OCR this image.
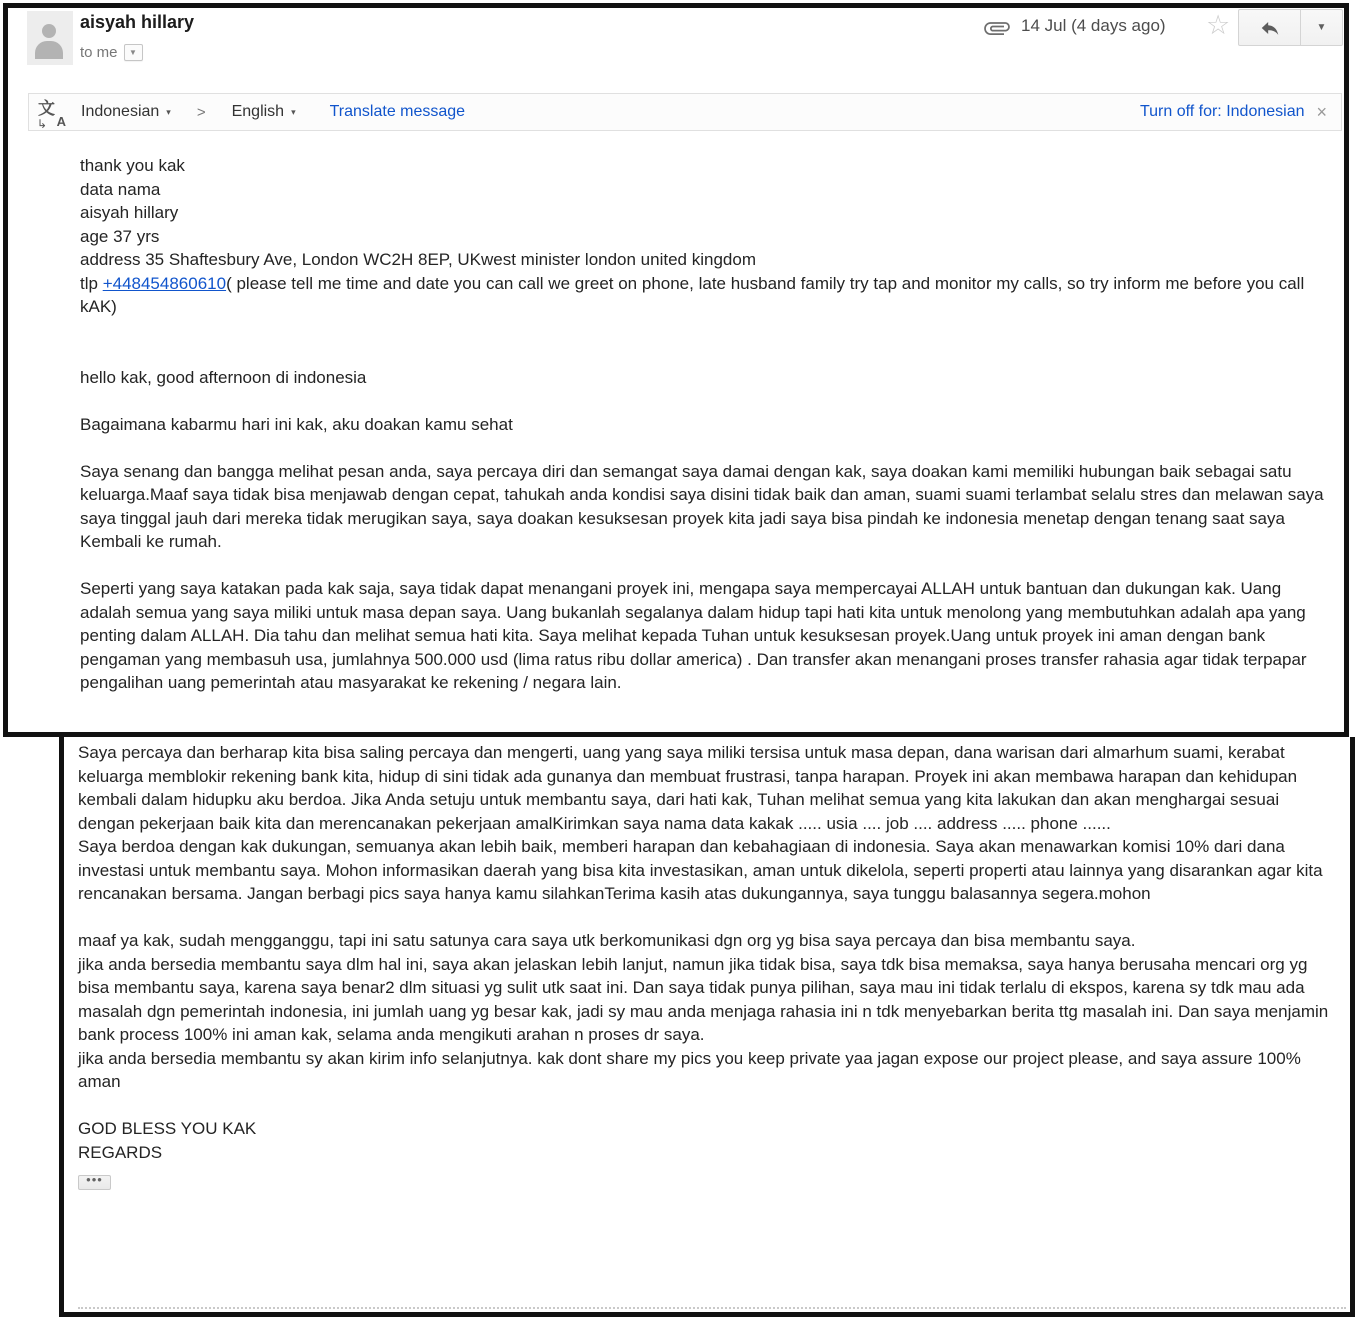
aisyah hillary
to me ▼
14 Jul (4 days ago) ☆	▼
文
↳ A
Indonesian ▾ > English ▾ Translate message	Turn off for: Indonesian ×
thank you kak
data nama
aisyah hillary
age 37 yrs
address 35 Shaftesbury Ave, London WC2H 8EP, UKwest minister london united kingdom
tlp +448454860610( please tell me time and date you can call we greet on phone, late husband family try tap and monitor my calls, so try inform me before you call kAK)

hello kak, good afternoon di indonesia

Bagaimana kabarmu hari ini kak, aku doakan kamu sehat

Saya senang dan bangga melihat pesan anda, saya percaya diri dan semangat saya damai dengan kak, saya doakan kami memiliki hubungan baik sebagai satu keluarga.Maaf saya tidak bisa menjawab dengan cepat, tahukah anda kondisi saya disini tidak baik dan aman, suami suami terlambat selalu stres dan melawan saya saya tinggal jauh dari mereka tidak merugikan saya, saya doakan kesuksesan proyek kita jadi saya bisa pindah ke indonesia menetap dengan tenang saat saya Kembali ke rumah.

Seperti yang saya katakan pada kak saja, saya tidak dapat menangani proyek ini, mengapa saya mempercayai ALLAH untuk bantuan dan dukungan kak. Uang adalah semua yang saya miliki untuk masa depan saya. Uang bukanlah segalanya dalam hidup tapi hati kita untuk menolong yang membutuhkan adalah apa yang penting dalam ALLAH. Dia tahu dan melihat semua hati kita. Saya melihat kepada Tuhan untuk kesuksesan proyek.Uang untuk proyek ini aman dengan bank pengaman yang membasuh usa, jumlahnya 500.000 usd (lima ratus ribu dollar america) . Dan transfer akan menangani proses transfer rahasia agar tidak terpapar pengalihan uang pemerintah atau masyarakat ke rekening / negara lain.
Saya percaya dan berharap kita bisa saling percaya dan mengerti, uang yang saya miliki tersisa untuk masa depan, dana warisan dari almarhum suami, kerabat keluarga memblokir rekening bank kita, hidup di sini tidak ada gunanya dan membuat frustrasi, tanpa harapan. Proyek ini akan membawa harapan dan kehidupan kembali dalam hidupku aku berdoa. Jika Anda setuju untuk membantu saya, dari hati kak, Tuhan melihat semua yang kita lakukan dan akan menghargai sesuai dengan pekerjaan baik kita dan merencanakan pekerjaan amalKirimkan saya nama data kakak ..... usia .... job .... address ..... phone ......
Saya berdoa dengan kak dukungan, semuanya akan lebih baik, memberi harapan dan kebahagiaan di indonesia. Saya akan menawarkan komisi 10% dari dana investasi untuk membantu saya. Mohon informasikan daerah yang bisa kita investasikan, aman untuk dikelola, seperti properti atau lainnya yang disarankan agar kita rencanakan bersama. Jangan berbagi pics saya hanya kamu silahkanTerima kasih atas dukungannya, saya tunggu balasannya segera.mohon

maaf ya kak, sudah mengganggu, tapi ini satu satunya cara saya utk berkomunikasi dgn org yg bisa saya percaya dan bisa membantu saya.
jika anda bersedia membantu saya dlm hal ini, saya akan jelaskan lebih lanjut, namun jika tidak bisa, saya tdk bisa memaksa, saya hanya berusaha mencari org yg bisa membantu saya, karena saya benar2 dlm situasi yg sulit utk saat ini. Dan saya tidak punya pilihan, saya mau ini tidak terlalu di ekspos, karena sy tdk mau ada masalah dgn pemerintah indonesia, ini jumlah uang yg besar kak, jadi sy mau anda menjaga rahasia ini n tdk menyebarkan berita ttg masalah ini. Dan saya menjamin bank process 100% ini aman kak, selama anda mengikuti arahan n proses dr saya.
jika anda bersedia membantu sy akan kirim info selanjutnya. kak dont share my pics you keep private yaa jagan expose our project please, and saya assure 100% aman

GOD BLESS YOU KAK
REGARDS
•••
